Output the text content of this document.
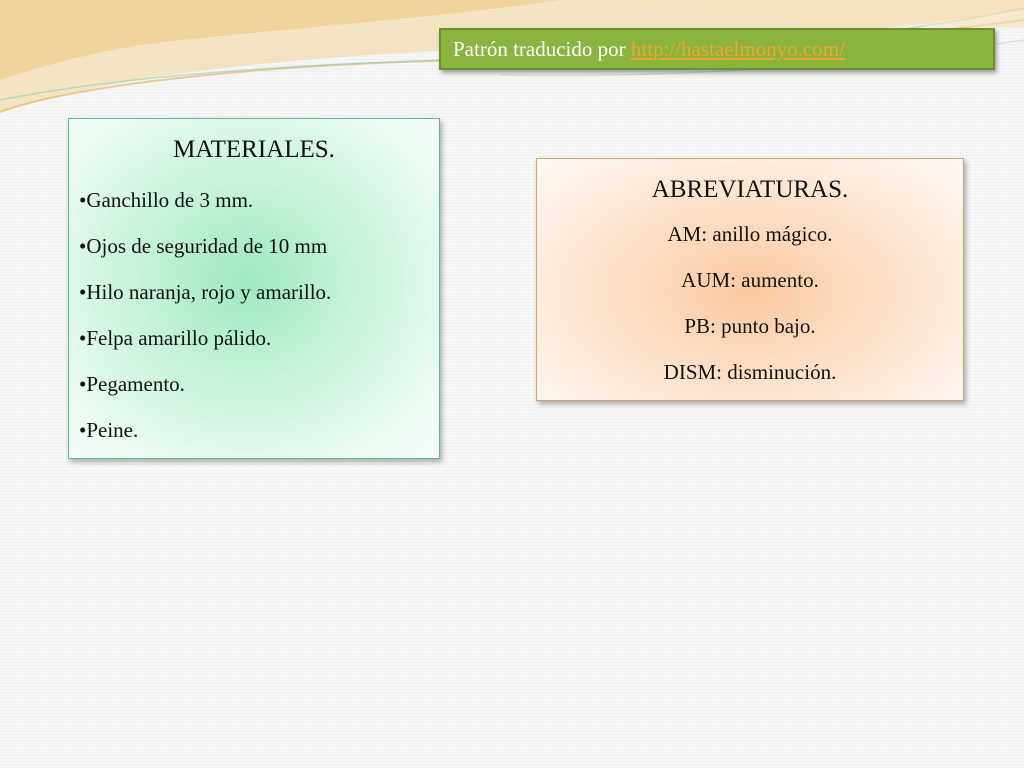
Patrón traducido por http://hastaelmonyo.com/
MATERIALES.
•Ganchillo de 3 mm.
•Ojos de seguridad de 10 mm
•Hilo naranja, rojo y amarillo.
•Felpa amarillo pálido.
•Pegamento.
•Peine.
ABREVIATURAS.
AM: anillo mágico.
AUM: aumento.
PB: punto bajo.
DISM: disminución.
